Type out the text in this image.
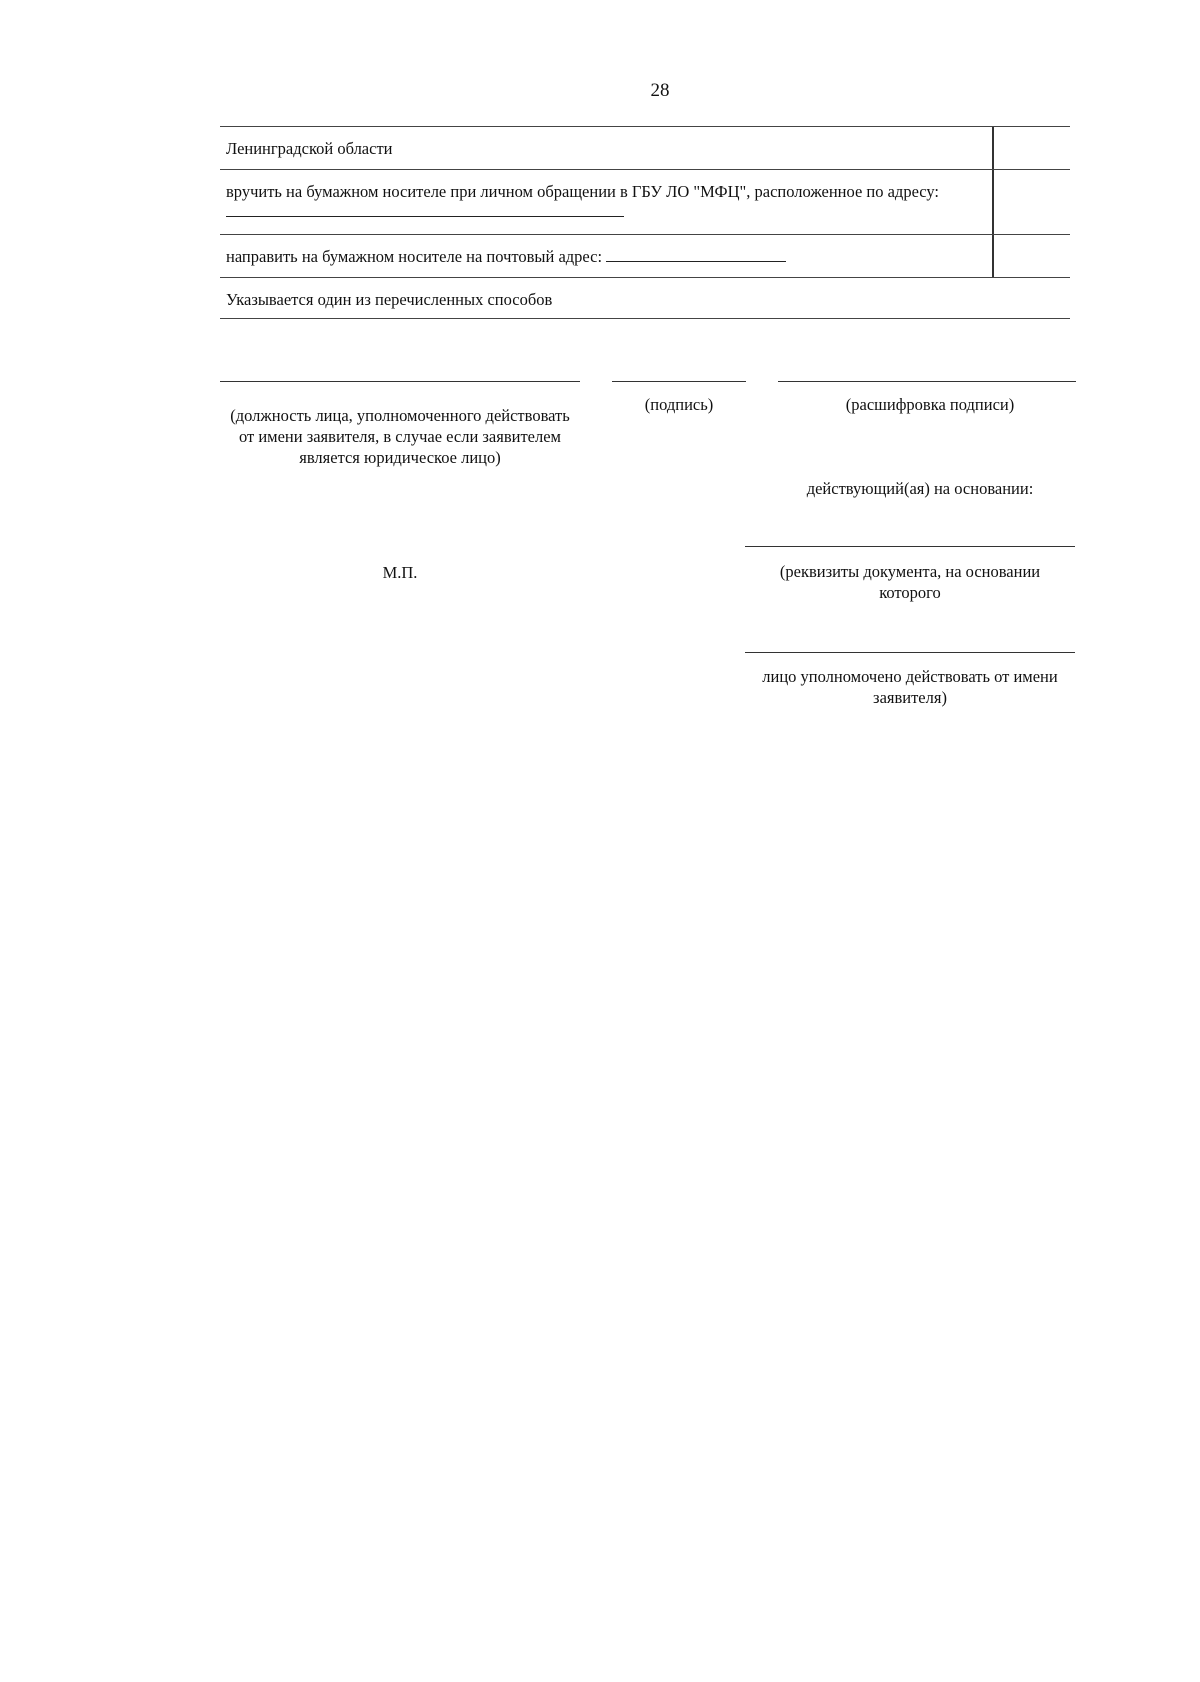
28
Ленинградской области
вручить на бумажном носителе при личном обращении в ГБУ ЛО "МФЦ", расположенное по адресу:
направить на бумажном носителе на почтовый адрес:
Указывается один из перечисленных способов
(должность лица, уполномоченного действовать от имени заявителя, в случае если заявителем является юридическое лицо)
(подпись)	(расшифровка подписи)
действующий(ая) на основании:
(реквизиты документа, на основании которого
М.П.
лицо уполномочено действовать от имени заявителя)
